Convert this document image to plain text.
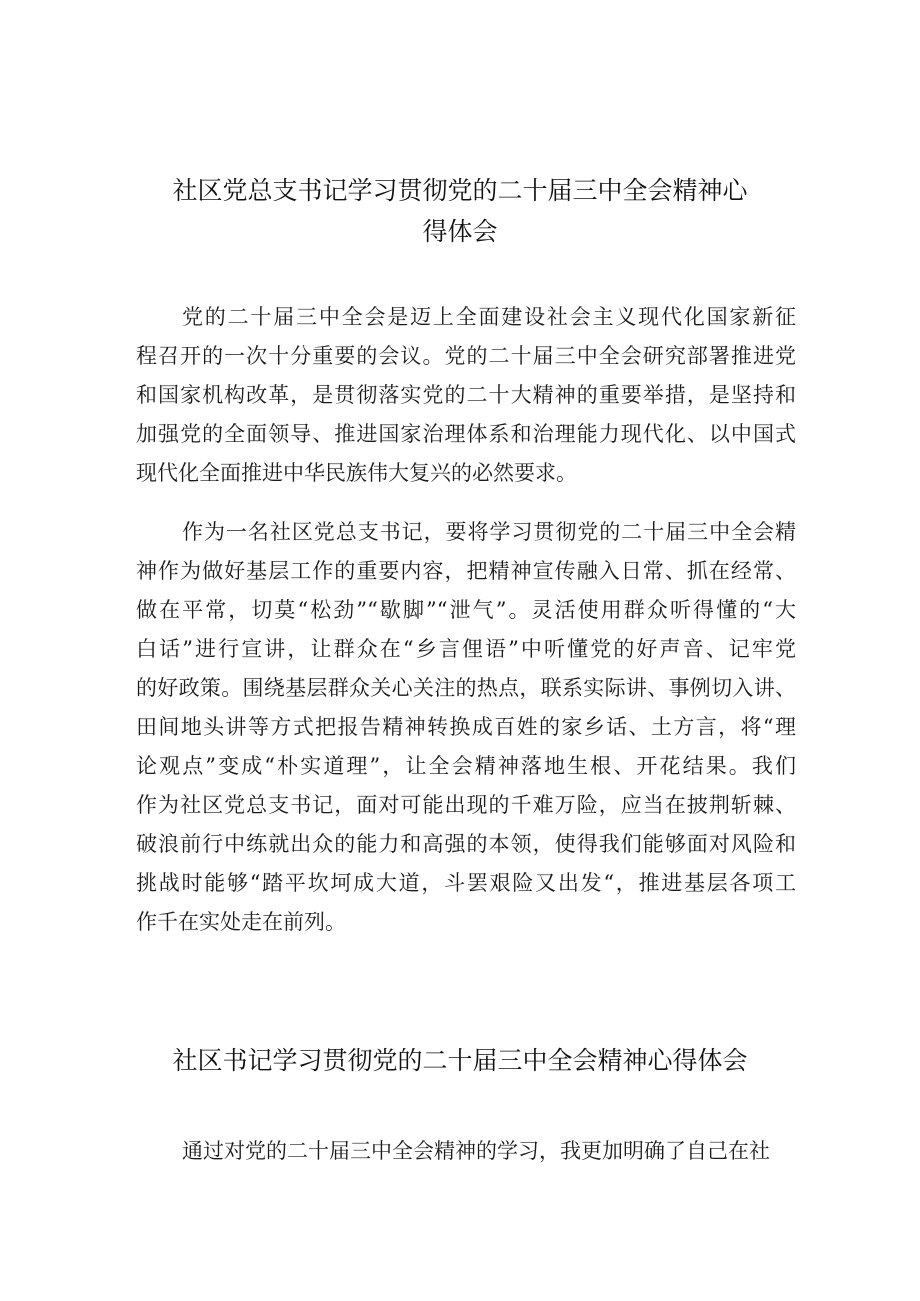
社区党总支书记学习贯彻党的二十届三中全会精神心
得体会
党的二十届三中全会是迈上全面建设社会主义现代化国家新征
程召开的一次十分重要的会议。党的二十届三中全会研究部署推进党
和国家机构改革，是贯彻落实党的二十大精神的重要举措，是坚持和
加强党的全面领导、推进国家治理体系和治理能力现代化、以中国式
现代化全面推进中华民族伟大复兴的必然要求。
作为一名社区党总支书记，要将学习贯彻党的二十届三中全会精
神作为做好基层工作的重要内容，把精神宣传融入日常、抓在经常、
做在平常，切莫“松劲”“歇脚”“泄气”。灵活使用群众听得懂的“大
白话”进行宣讲，让群众在“乡言俚语”中听懂党的好声音、记牢党
的好政策。围绕基层群众关心关注的热点，联系实际讲、事例切入讲、
田间地头讲等方式把报告精神转换成百姓的家乡话、土方言，将“理
论观点”变成“朴实道理”，让全会精神落地生根、开花结果。我们
作为社区党总支书记，面对可能出现的千难万险，应当在披荆斩棘、
破浪前行中练就出众的能力和高强的本领，使得我们能够面对风险和
挑战时能够“踏平坎坷成大道，斗罢艰险又出发“，推进基层各项工
作千在实处走在前列。
社区书记学习贯彻党的二十届三中全会精神心得体会
通过对党的二十届三中全会精神的学习，我更加明确了自己在社
